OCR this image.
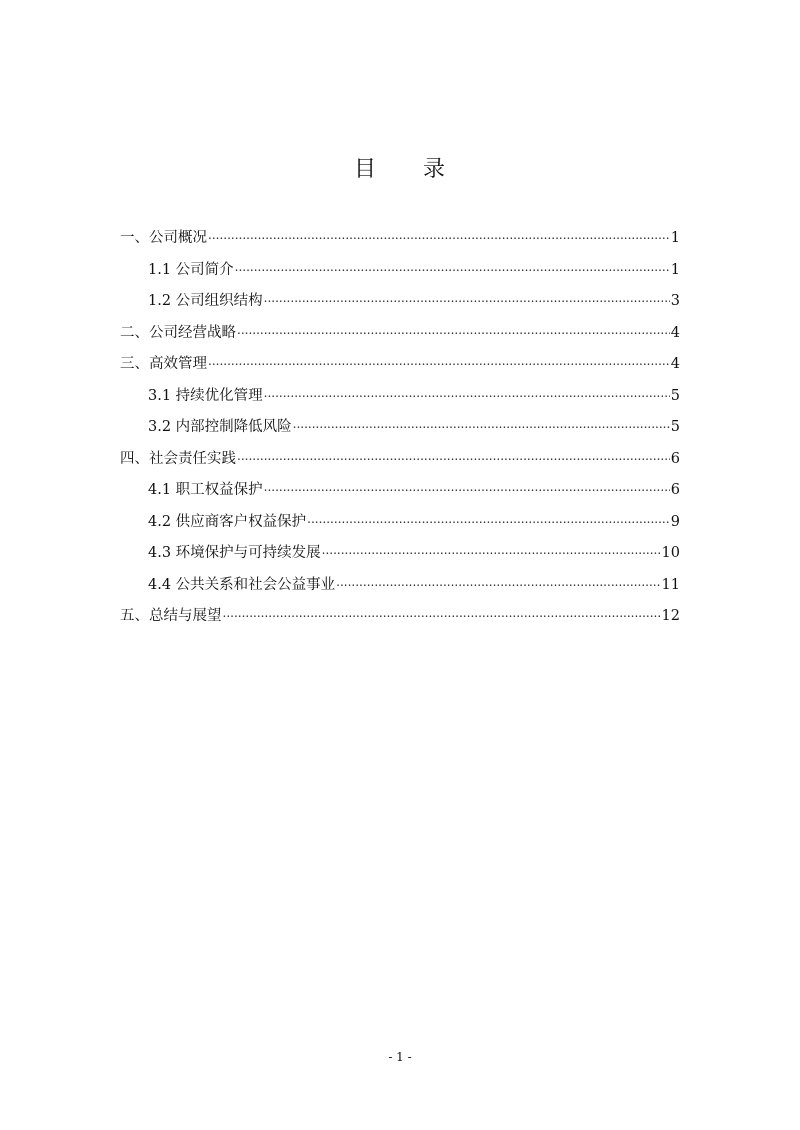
目 录
一、公司概况 .....	1
1.1 公司简介 .....	1
1.2 公司组织结构 .....	3
二、公司经营战略 .....	4
三、高效管理 .....	4
3.1 持续优化管理 .....	5
3.2 内部控制降低风险 .....	5
四、社会责任实践 .....	6
4.1 职工权益保护 .....	6
4.2 供应商客户权益保护 .....	9
4.3 环境保护与可持续发展 .....	10
4.4 公共关系和社会公益事业 .....	11
五、总结与展望 .....	12
- 1 -
